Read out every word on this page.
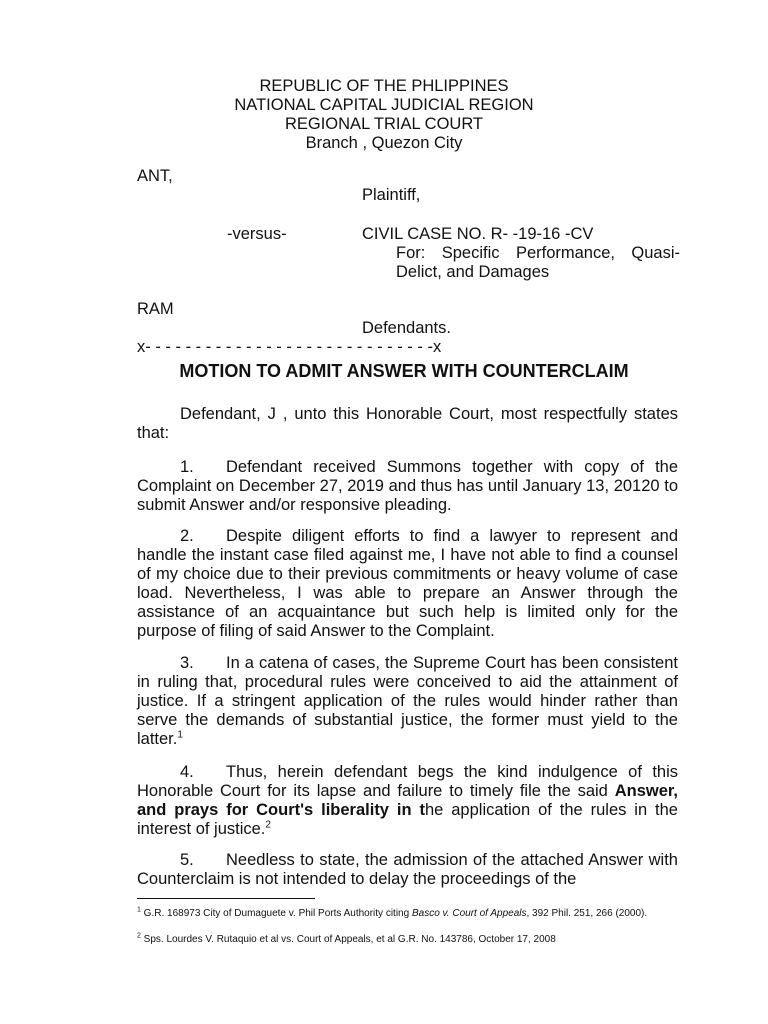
REPUBLIC OF THE PHLIPPINES
NATIONAL CAPITAL JUDICIAL REGION
REGIONAL TRIAL COURT
Branch , Quezon City
ANT,
Plaintiff,
-versus-	CIVIL CASE NO. R- -19-16 -CV
For: Specific Performance, Quasi-
Delict, and Damages
RAM
Defendants.
x- - - - - - - - - - - - - - - - - - - - - - - - - - - - -x
MOTION TO ADMIT ANSWER WITH COUNTERCLAIM
Defendant, J , unto this Honorable Court, most respectfully states that:
1. Defendant received Summons together with copy of the Complaint on December 27, 2019 and thus has until January 13, 20120 to submit Answer and/or responsive pleading.
2. Despite diligent efforts to find a lawyer to represent and handle the instant case filed against me, I have not able to find a counsel of my choice due to their previous commitments or heavy volume of case load. Nevertheless, I was able to prepare an Answer through the assistance of an acquaintance but such help is limited only for the purpose of filing of said Answer to the Complaint.
3. In a catena of cases, the Supreme Court has been consistent in ruling that, procedural rules were conceived to aid the attainment of justice. If a stringent application of the rules would hinder rather than serve the demands of substantial justice, the former must yield to the latter.$^1$
4. Thus, herein defendant begs the kind indulgence of this Honorable Court for its lapse and failure to timely file the said Answer, and prays for Court's liberality in the application of the rules in the interest of justice.$^2$
5. Needless to state, the admission of the attached Answer with Counterclaim is not intended to delay the proceedings of the
$^1$ G.R. 168973 City of Dumaguete v. Phil Ports Authority citing Basco v. Court of Appeals, 392 Phil. 251, 266 (2000).
$^2$ Sps. Lourdes V. Rutaquio et al vs. Court of Appeals, et al G.R. No. 143786, October 17, 2008
